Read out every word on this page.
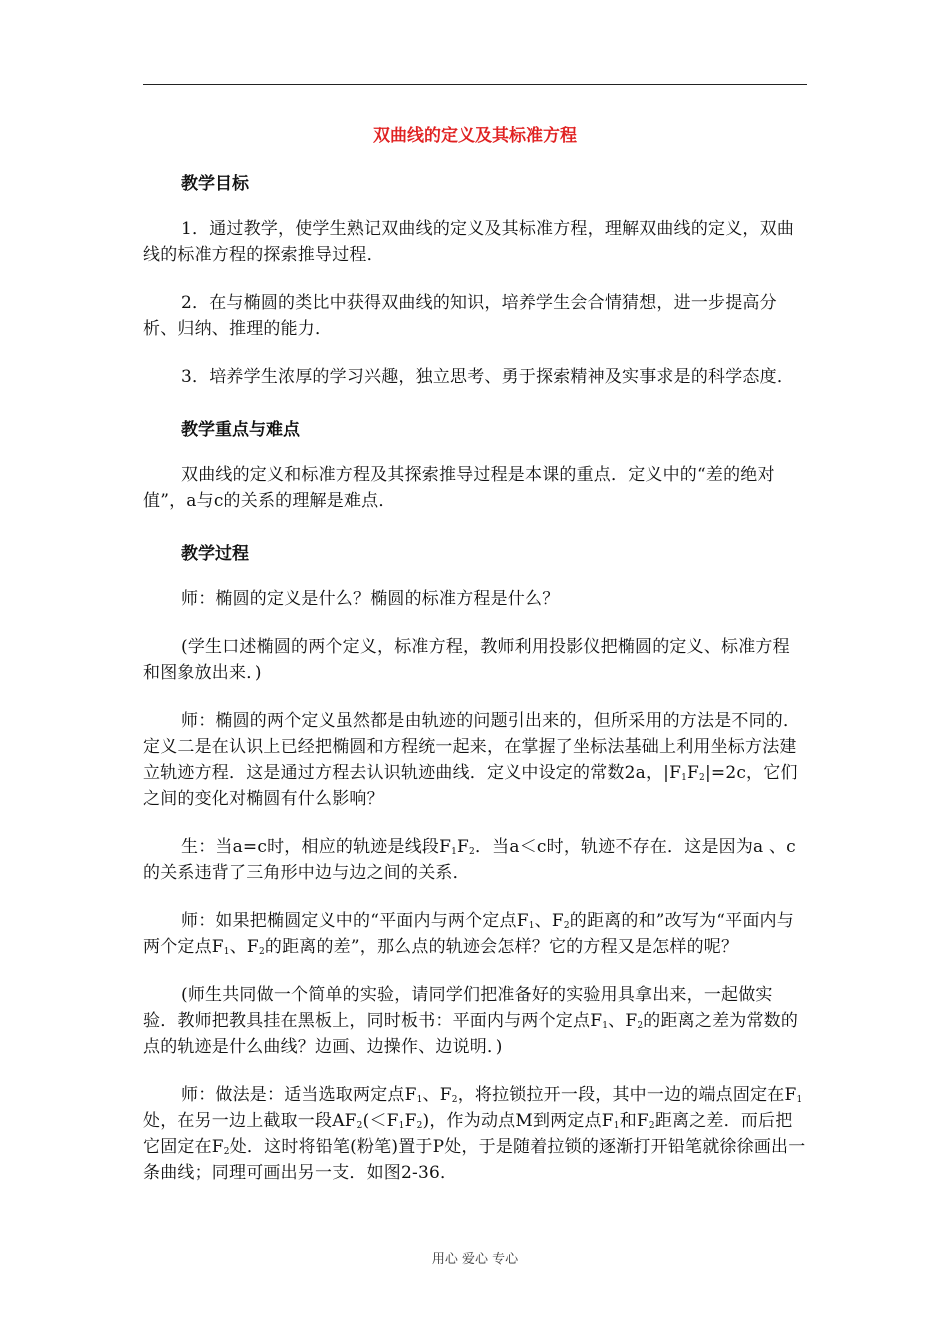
双曲线的定义及其标准方程
教学目标
1．通过教学，使学生熟记双曲线的定义及其标准方程，理解双曲线的定义，双曲线的标准方程的探索推导过程．
2．在与椭圆的类比中获得双曲线的知识，培养学生会合情猜想，进一步提高分析、归纳、推理的能力．
3．培养学生浓厚的学习兴趣，独立思考、勇于探索精神及实事求是的科学态度．
教学重点与难点
双曲线的定义和标准方程及其探索推导过程是本课的重点．定义中的“差的绝对值”，a与c的关系的理解是难点．
教学过程
师：椭圆的定义是什么？椭圆的标准方程是什么？
(学生口述椭圆的两个定义，标准方程，教师利用投影仪把椭圆的定义、标准方程和图象放出来．)
师：椭圆的两个定义虽然都是由轨迹的问题引出来的，但所采用的方法是不同的．定义二是在认识上已经把椭圆和方程统一起来，在掌握了坐标法基础上利用坐标方法建立轨迹方程．这是通过方程去认识轨迹曲线．定义中设定的常数2a，$|F_1F_2|=2c$，它们之间的变化对椭圆有什么影响？
生：当a=c时，相应的轨迹是线段$F_1F_2$．当a＜c时，轨迹不存在．这是因为a 、c的关系违背了三角形中边与边之间的关系．
师：如果把椭圆定义中的“平面内与两个定点$F_1$、$F_2$的距离的和”改写为“平面内与两个定点$F_1$、$F_2$的距离的差”，那么点的轨迹会怎样？它的方程又是怎样的呢？
(师生共同做一个简单的实验，请同学们把准备好的实验用具拿出来，一起做实验．教师把教具挂在黑板上，同时板书：平面内与两个定点$F_1$、$F_2$的距离之差为常数的点的轨迹是什么曲线？边画、边操作、边说明．)
师：做法是：适当选取两定点$F_1$、$F_2$，将拉锁拉开一段，其中一边的端点固定在$F_1$处，在另一边上截取一段$AF_2(<F_1F_2)$，作为动点M到两定点$F_1$和$F_2$距离之差．而后把它固定在$F_2$处．这时将铅笔(粉笔)置于P处，于是随着拉锁的逐渐打开铅笔就徐徐画出一条曲线；同理可画出另一支．如图2-36．
用心 爱心 专心
